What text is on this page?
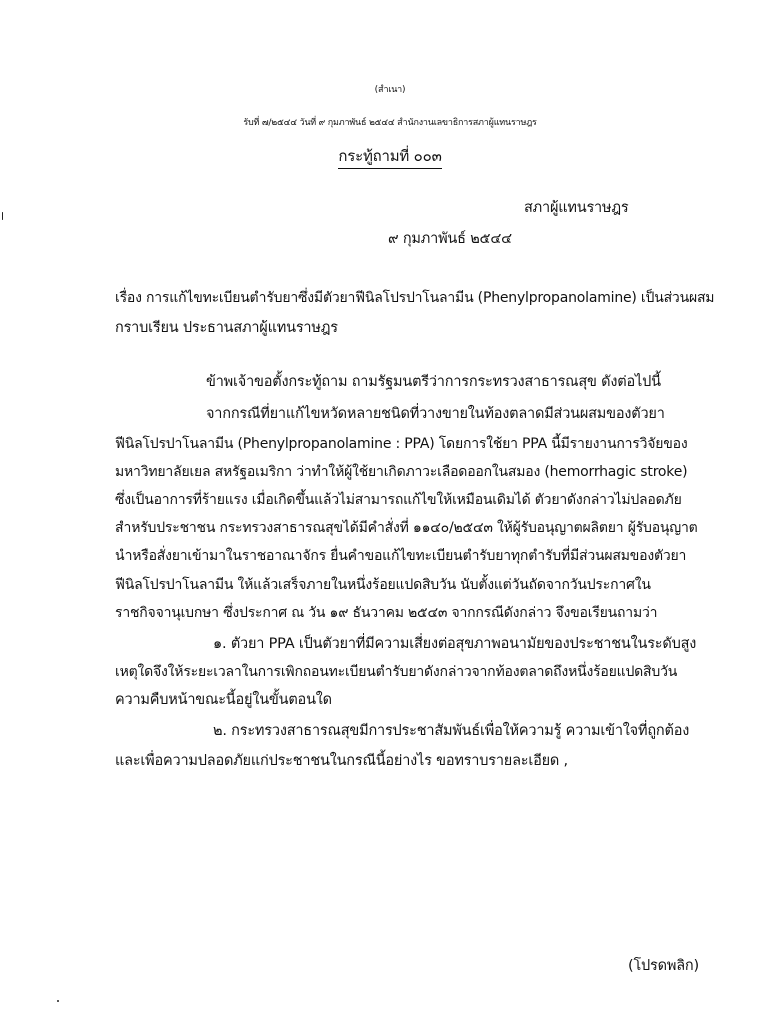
(สำเนา)
รับที่ ๗/๒๕๔๔ วันที่ ๙ กุมภาพันธ์ ๒๕๔๔ สำนักงานเลขาธิการสภาผู้แทนราษฎร
กระทู้ถามที่ ๐๐๓
สภาผู้แทนราษฎร
๙ กุมภาพันธ์ ๒๕๔๔
เรื่อง การแก้ไขทะเบียนตำรับยาซึ่งมีตัวยาฟีนิลโปรปาโนลามีน (Phenylpropanolamine) เป็นส่วนผสม
กราบเรียน ประธานสภาผู้แทนราษฎร
ข้าพเจ้าขอตั้งกระทู้ถาม ถามรัฐมนตรีว่าการกระทรวงสาธารณสุข ดังต่อไปนี้
จากกรณีที่ยาแก้ไขหวัดหลายชนิดที่วางขายในท้องตลาดมีส่วนผสมของตัวยา
ฟีนิลโปรปาโนลามีน (Phenylpropanolamine : PPA) โดยการใช้ยา PPA นี้มีรายงานการวิจัยของ
มหาวิทยาลัยเยล สหรัฐอเมริกา ว่าทำให้ผู้ใช้ยาเกิดภาวะเลือดออกในสมอง (hemorrhagic stroke)
ซึ่งเป็นอาการที่ร้ายแรง เมื่อเกิดขึ้นแล้วไม่สามารถแก้ไขให้เหมือนเดิมได้ ตัวยาดังกล่าวไม่ปลอดภัย
สำหรับประชาชน กระทรวงสาธารณสุขได้มีคำสั่งที่ ๑๑๔๐/๒๕๔๓ ให้ผู้รับอนุญาตผลิตยา ผู้รับอนุญาต
นำหรือสั่งยาเข้ามาในราชอาณาจักร ยื่นคำขอแก้ไขทะเบียนตำรับยาทุกตำรับที่มีส่วนผสมของตัวยา
ฟีนิลโปรปาโนลามีน ให้แล้วเสร็จภายในหนึ่งร้อยแปดสิบวัน นับตั้งแต่วันถัดจากวันประกาศใน
ราชกิจจานุเบกษา ซึ่งประกาศ ณ วัน ๑๙ ธันวาคม ๒๕๔๓ จากกรณีดังกล่าว จึงขอเรียนถามว่า
๑. ตัวยา PPA เป็นตัวยาที่มีความเสี่ยงต่อสุขภาพอนามัยของประชาชนในระดับสูง
เหตุใดจึงให้ระยะเวลาในการเพิกถอนทะเบียนตำรับยาดังกล่าวจากท้องตลาดถึงหนึ่งร้อยแปดสิบวัน
ความคืบหน้าขณะนี้อยู่ในขั้นตอนใด
๒. กระทรวงสาธารณสุขมีการประชาสัมพันธ์เพื่อให้ความรู้ ความเข้าใจที่ถูกต้อง
และเพื่อความปลอดภัยแก่ประชาชนในกรณีนี้อย่างไร ขอทราบรายละเอียด ,
(โปรดพลิก)
